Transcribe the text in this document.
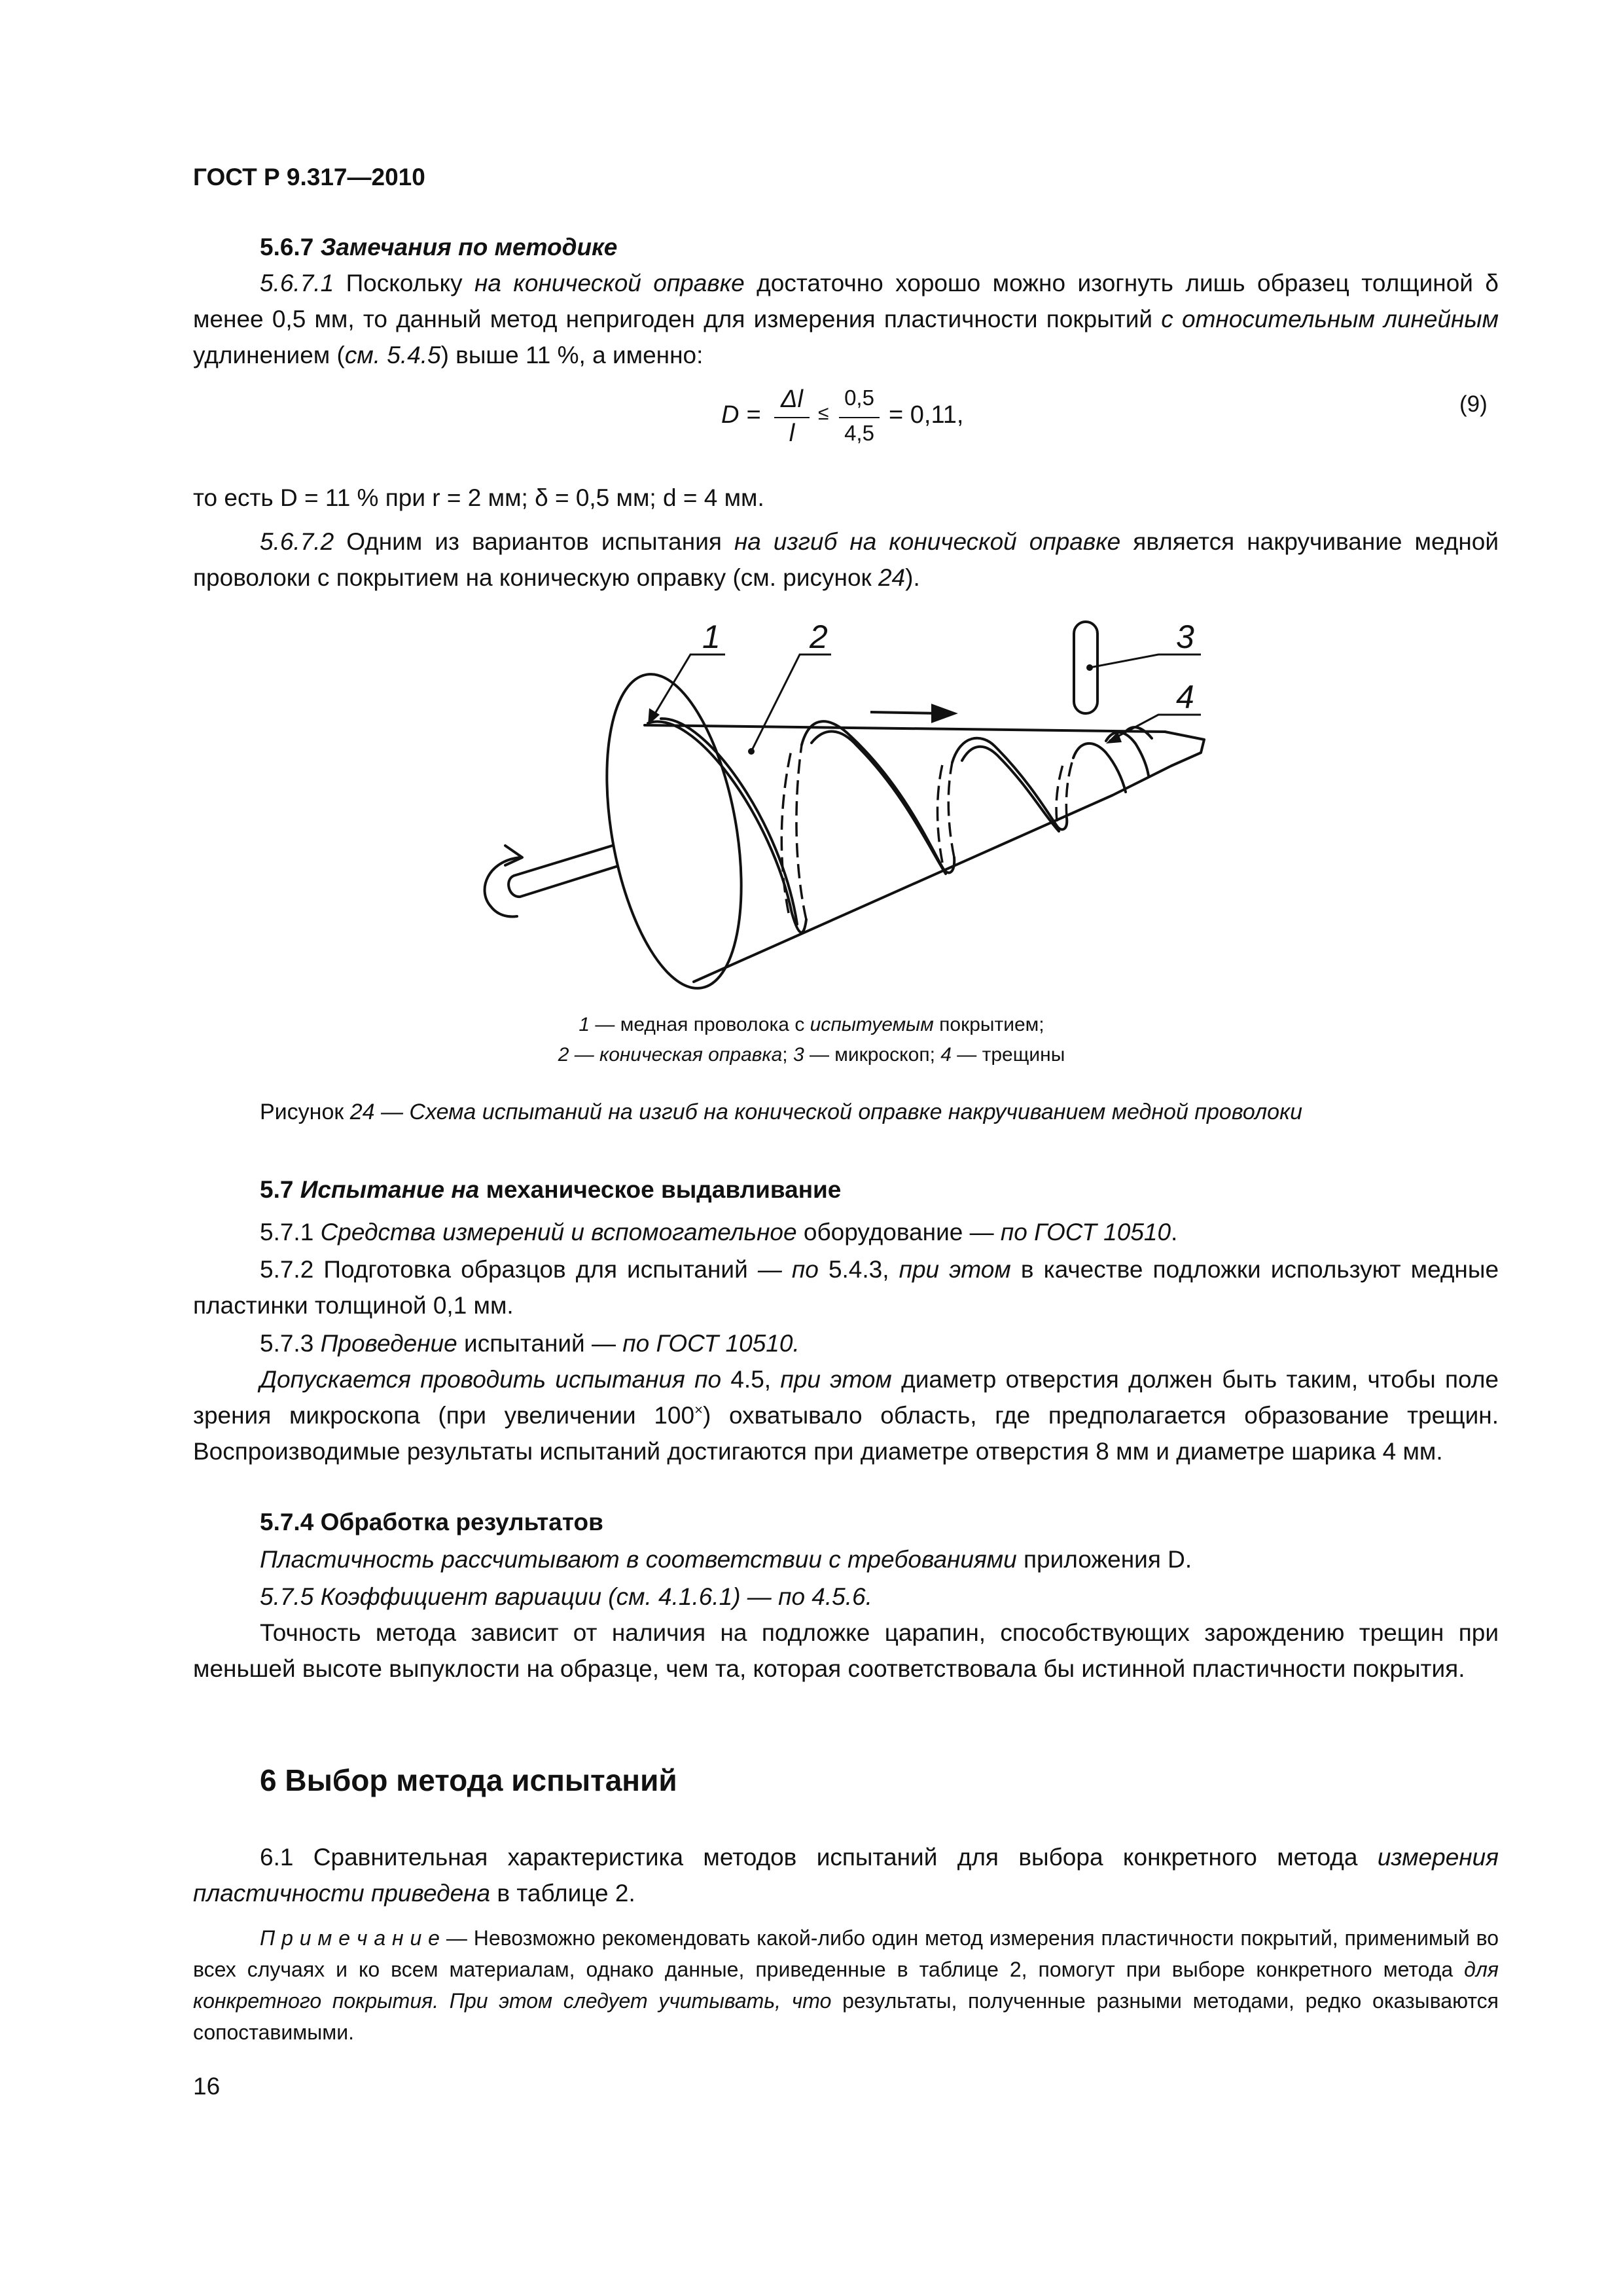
ГОСТ Р 9.317—2010
5.6.7 Замечания по методике
5.6.7.1 Поскольку на конической оправке достаточно хорошо можно изогнуть лишь образец толщиной δ менее 0,5 мм, то данный метод непригоден для измерения пластичности покрытий с относительным линейным удлинением (см. 5.4.5) выше 11 %, а именно:
D =
Δl
l
≤
0,5
4,5
= 0,11,	(9)
то есть D = 11 % при r = 2 мм; δ = 0,5 мм; d = 4 мм.
5.6.7.2 Одним из вариантов испытания на изгиб на конической оправке является накручивание медной проволоки с покрытием на коническую оправку (см. рисунок 24).
1	2	3
4
1 — медная проволока с испытуемым покрытием;
2 — коническая оправка; 3 — микроскоп; 4 — трещины
Рисунок 24 — Схема испытаний на изгиб на конической оправке накручиванием медной проволоки
5.7 Испытание на механическое выдавливание
5.7.1 Средства измерений и вспомогательное оборудование — по ГОСТ 10510.
5.7.2 Подготовка образцов для испытаний — по 5.4.3, при этом в качестве подложки используют медные пластинки толщиной 0,1 мм.
5.7.3 Проведение испытаний — по ГОСТ 10510.
Допускается проводить испытания по 4.5, при этом диаметр отверстия должен быть таким, чтобы поле зрения микроскопа (при увеличении 100×) охватывало область, где предполагается образование трещин. Воспроизводимые результаты испытаний достигаются при диаметре отверстия 8 мм и диаметре шарика 4 мм.
5.7.4 Обработка результатов
Пластичность рассчитывают в соответствии с требованиями приложения D.
5.7.5 Коэффициент вариации (см. 4.1.6.1) — по 4.5.6.
Точность метода зависит от наличия на подложке царапин, способствующих зарождению трещин при меньшей высоте выпуклости на образце, чем та, которая соответствовала бы истинной пластичности покрытия.
6 Выбор метода испытаний
6.1 Сравнительная характеристика методов испытаний для выбора конкретного метода измерения пластичности приведена в таблице 2.
П р и м е ч а н и е — Невозможно рекомендовать какой-либо один метод измерения пластичности покрытий, применимый во всех случаях и ко всем материалам, однако данные, приведенные в таблице 2, помогут при выборе конкретного метода для конкретного покрытия. При этом следует учитывать, что результаты, полученные разными методами, редко оказываются сопоставимыми.
16
